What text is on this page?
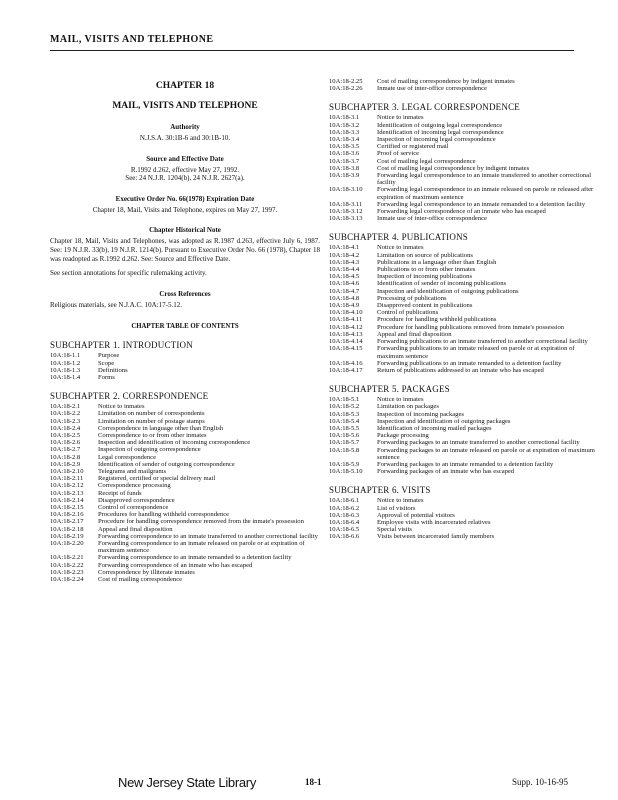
MAIL, VISITS AND TELEPHONE
CHAPTER 18
MAIL, VISITS AND TELEPHONE
Authority
N.J.S.A. 30:1B-6 and 30:1B-10.
Source and Effective Date
R.1992 d.262, effective May 27, 1992.
See: 24 N.J.R. 1204(b), 24 N.J.R. 2627(a).
Executive Order No. 66(1978) Expiration Date
Chapter 18, Mail, Visits and Telephone, expires on May 27, 1997.
Chapter Historical Note
Chapter 18, Mail, Visits and Telephones, was adopted as R.1987 d.263, effective July 6, 1987. See: 19 N.J.R. 33(b), 19 N.J.R. 1214(b). Pursuant to Executive Order No. 66 (1978), Chapter 18 was readopted as R.1992 d.262. See: Source and Effective Date.
See section annotations for specific rulemaking activity.
Cross References
Religious materials, see N.J.A.C. 10A:17-5.12.
CHAPTER TABLE OF CONTENTS
SUBCHAPTER 1. INTRODUCTION
10A:18-1.1	Purpose
10A:18-1.2	Scope
10A:18-1.3	Definitions
10A:18-1.4	Forms
SUBCHAPTER 2. CORRESPONDENCE
10A:18-2.1	Notice to inmates
10A:18-2.2	Limitation on number of correspondents
10A:18-2.3	Limitation on number of postage stamps
10A:18-2.4	Correspondence in language other than English
10A:18-2.5	Correspondence to or from other inmates
10A:18-2.6	Inspection and identification of incoming correspondence
10A:18-2.7	Inspection of outgoing correspondence
10A:18-2.8	Legal correspondence
10A:18-2.9	Identification of sender of outgoing correspondence
10A:18-2.10	Telegrams and mailgrams
10A:18-2.11	Registered, certified or special delivery mail
10A:18-2.12	Correspondence processing
10A:18-2.13	Receipt of funds
10A:18-2.14	Disapproved correspondence
10A:18-2.15	Control of correspondence
10A:18-2.16	Procedures for handling withheld correspondence
10A:18-2.17	Procedure for handling correspondence removed from the inmate's possession
10A:18-2.18	Appeal and final disposition
10A:18-2.19	Forwarding correspondence to an inmate transferred to another correctional facility
10A:18-2.20	Forwarding correspondence to an inmate released on parole or at expiration of maximum sentence
10A:18-2.21	Forwarding correspondence to an inmate remanded to a detention facility
10A:18-2.22	Forwarding correspondence of an inmate who has escaped
10A:18-2.23	Correspondence by illiterate inmates
10A:18-2.24	Cost of mailing correspondence
10A:18-2.25	Cost of mailing correspondence by indigent inmates
10A:18-2.26	Inmate use of inter-office correspondence
SUBCHAPTER 3. LEGAL CORRESPONDENCE
10A:18-3.1	Notice to inmates
10A:18-3.2	Identification of outgoing legal correspondence
10A:18-3.3	Identification of incoming legal correspondence
10A:18-3.4	Inspection of incoming legal correspondence
10A:18-3.5	Certified or registered mail
10A:18-3.6	Proof of service
10A:18-3.7	Cost of mailing legal correspondence
10A:18-3.8	Cost of mailing legal correspondence by indigent inmates
10A:18-3.9	Forwarding legal correspondence to an inmate transferred to another correctional facility
10A:18-3.10	Forwarding legal correspondence to an inmate released on parole or released after expiration of maximum sentence
10A:18-3.11	Forwarding legal correspondence to an inmate remanded to a detention facility
10A:18-3.12	Forwarding legal correspondence of an inmate who has escaped
10A:18-3.13	Inmate use of inter-office correspondence
SUBCHAPTER 4. PUBLICATIONS
10A:18-4.1	Notice to inmates
10A:18-4.2	Limitation on source of publications
10A:18-4.3	Publications in a language other than English
10A:18-4.4	Publications to or from other inmates
10A:18-4.5	Inspection of incoming publications
10A:18-4.6	Identification of sender of incoming publications
10A:18-4.7	Inspection and identification of outgoing publications
10A:18-4.8	Processing of publications
10A:18-4.9	Disapproved content in publications
10A:18-4.10	Control of publications
10A:18-4.11	Procedure for handling withheld publications
10A:18-4.12	Procedure for handling publications removed from inmate's possession
10A:18-4.13	Appeal and final disposition
10A:18-4.14	Forwarding publications to an inmate transferred to another correctional facility
10A:18-4.15	Forwarding publications to an inmate released on parole or at expiration of maximum sentence
10A:18-4.16	Forwarding publications to an inmate remanded to a detention facility
10A:18-4.17	Return of publications addressed to an inmate who has escaped
SUBCHAPTER 5. PACKAGES
10A:18-5.1	Notice to inmates
10A:18-5.2	Limitation on packages
10A:18-5.3	Inspection of incoming packages
10A:18-5.4	Inspection and identification of outgoing packages
10A:18-5.5	Identification of incoming mailed packages
10A:18-5.6	Package processing
10A:18-5.7	Forwarding packages to an inmate transferred to another correctional facility
10A:18-5.8	Forwarding packages to an inmate released on parole or at expiration of maximum sentence
10A:18-5.9	Forwarding packages to an inmate remanded to a detention facility
10A:18-5.10	Forwarding packages of an inmate who has escaped
SUBCHAPTER 6. VISITS
10A:18-6.1	Notice to inmates
10A:18-6.2	List of visitors
10A:18-6.3	Approval of potential visitors
10A:18-6.4	Employee visits with incarcerated relatives
10A:18-6.5	Special visits
10A:18-6.6	Visits between incarcerated family members
New Jersey State Library	18-1	Supp. 10-16-95
